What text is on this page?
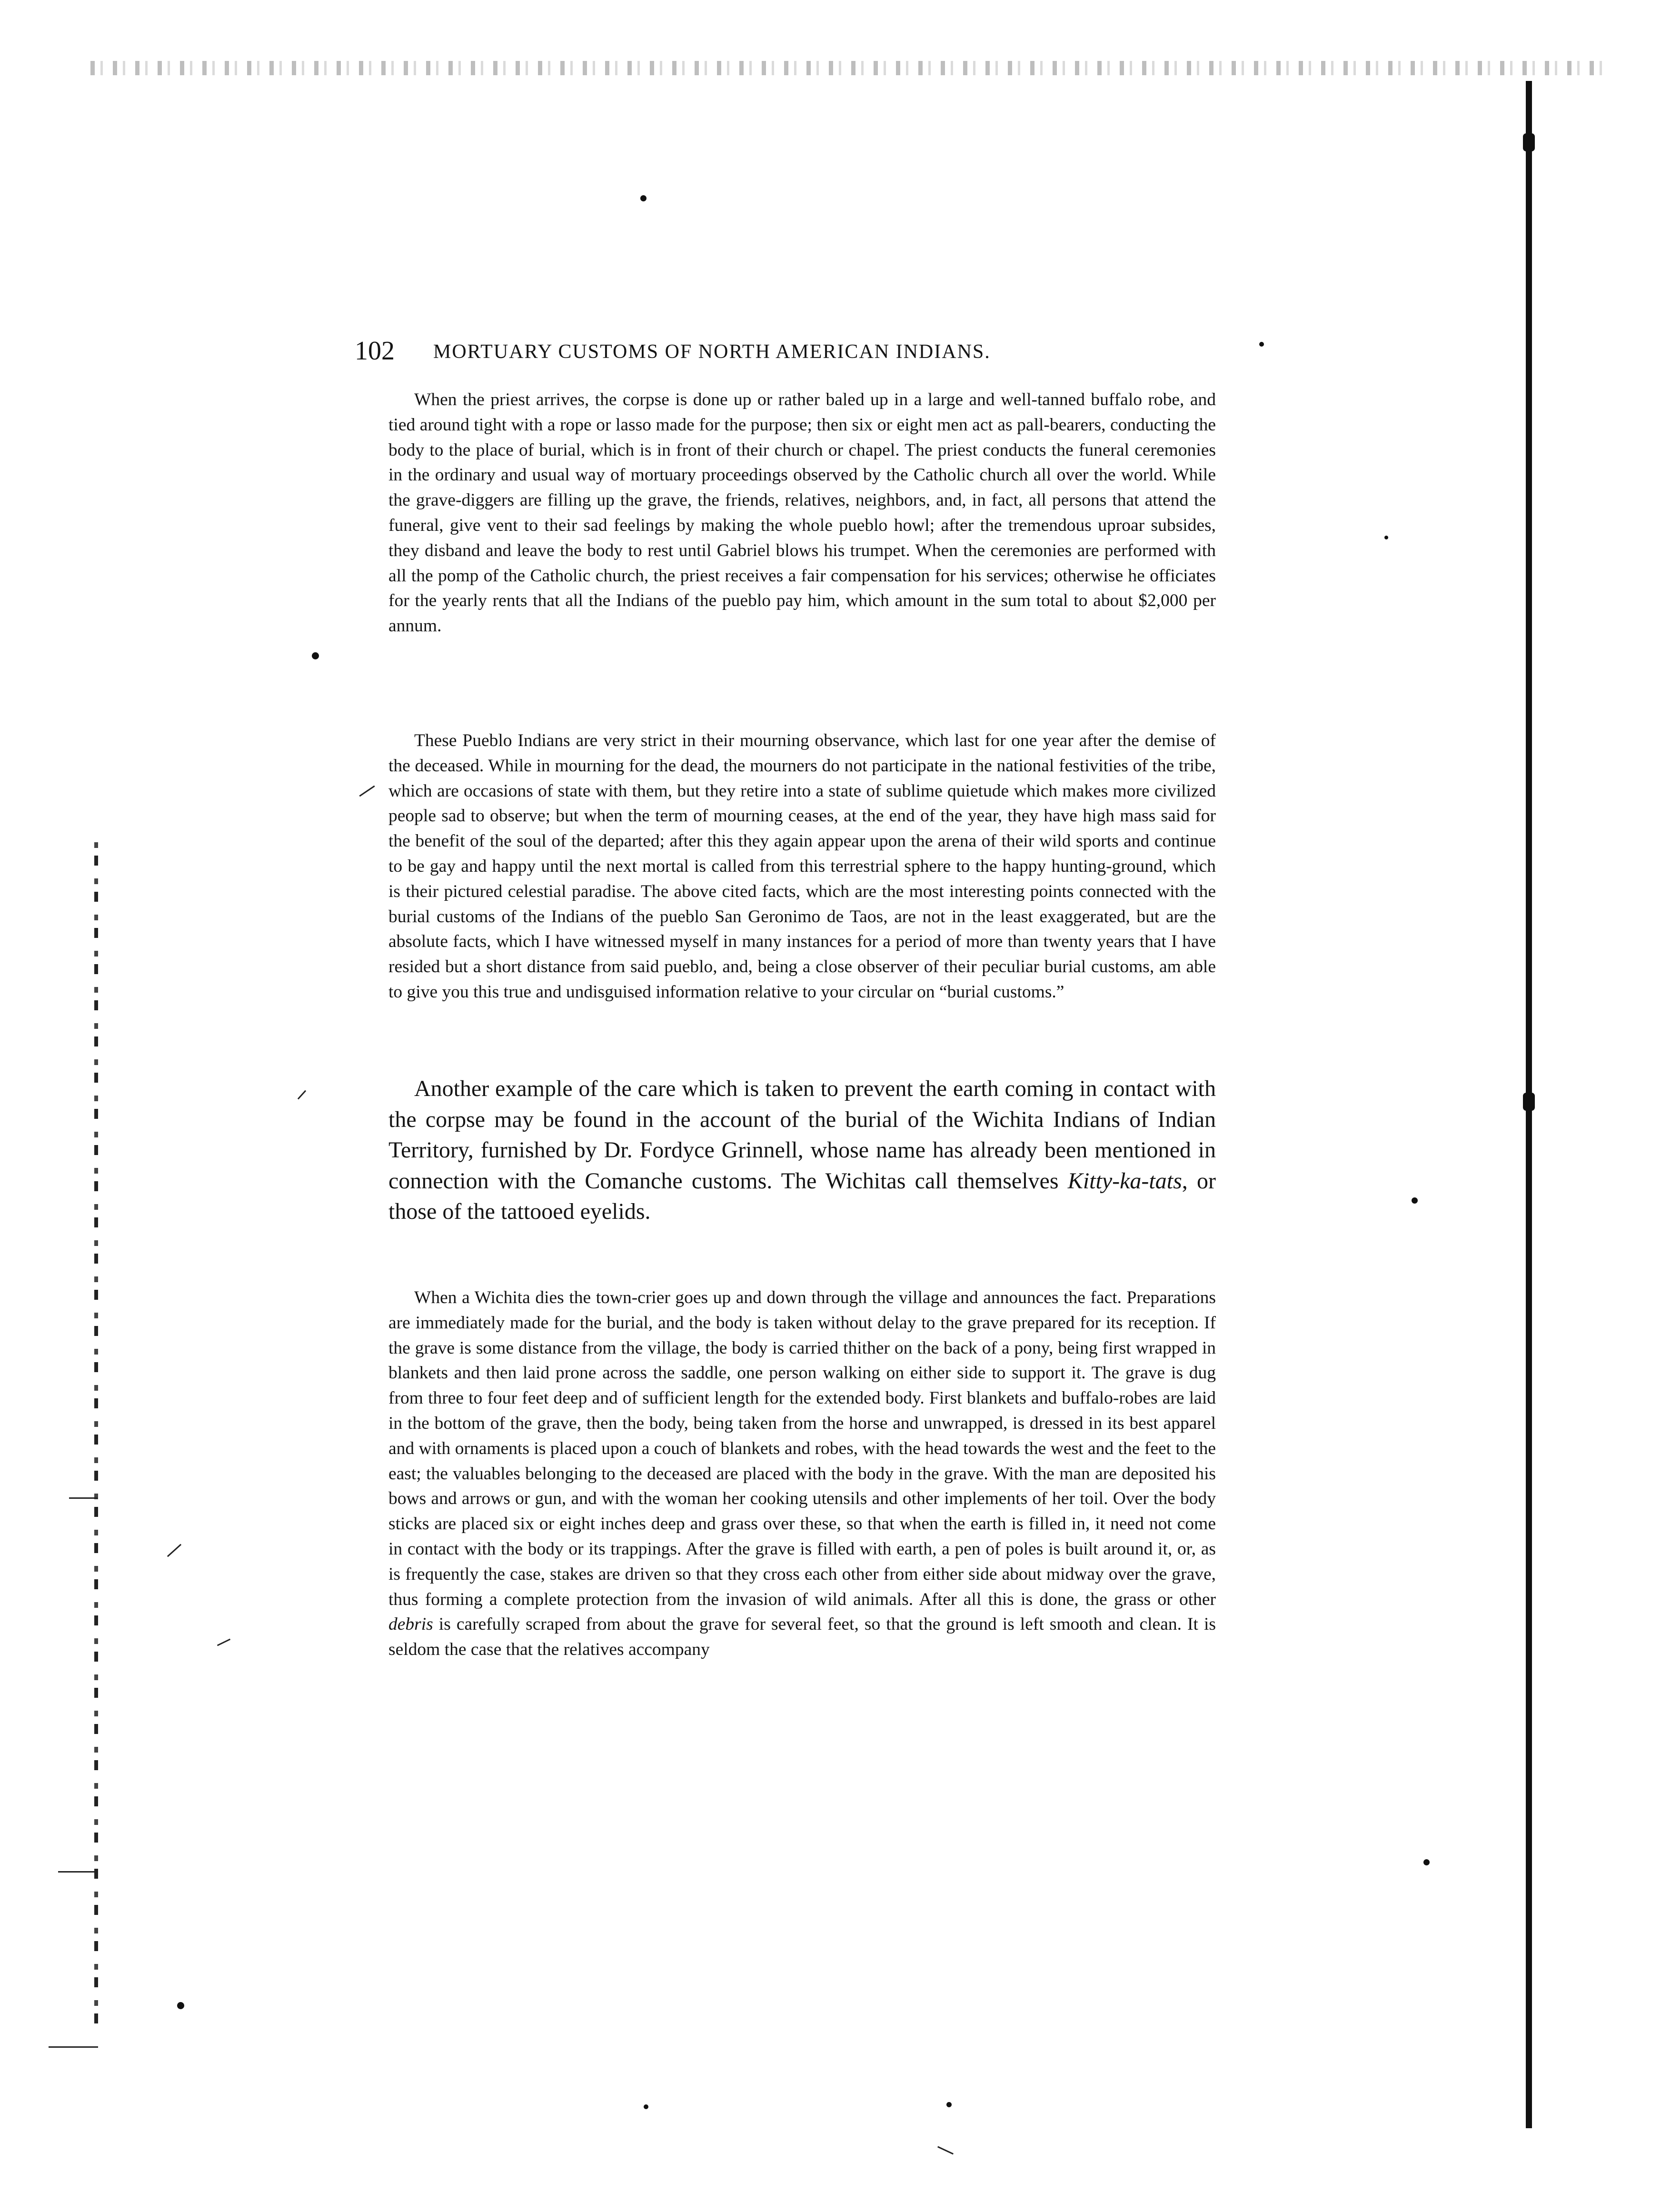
102 MORTUARY CUSTOMS OF NORTH AMERICAN INDIANS.

When the priest arrives, the corpse is done up or rather baled up in a large and well-tanned buffalo robe, and tied around tight with a rope or lasso made for the purpose; then six or eight men act as pall-bearers, conducting the body to the place of burial, which is in front of their church or chapel. The priest conducts the funeral ceremonies in the ordinary and usual way of mortuary proceedings observed by the Catholic church all over the world. While the grave-diggers are filling up the grave, the friends, relatives, neighbors, and, in fact, all persons that attend the funeral, give vent to their sad feelings by making the whole pueblo howl; after the tremendous uproar subsides, they disband and leave the body to rest until Gabriel blows his trumpet. When the ceremonies are performed with all the pomp of the Catholic church, the priest receives a fair compensation for his services; otherwise he officiates for the yearly rents that all the Indians of the pueblo pay him, which amount in the sum total to about $2,000 per annum.

These Pueblo Indians are very strict in their mourning observance, which last for one year after the demise of the deceased. While in mourning for the dead, the mourners do not participate in the national festivities of the tribe, which are occasions of state with them, but they retire into a state of sublime quietude which makes more civilized people sad to observe; but when the term of mourning ceases, at the end of the year, they have high mass said for the benefit of the soul of the departed; after this they again appear upon the arena of their wild sports and continue to be gay and happy until the next mortal is called from this terrestrial sphere to the happy hunting-ground, which is their pictured celestial paradise. The above cited facts, which are the most interesting points connected with the burial customs of the Indians of the pueblo San Geronimo de Taos, are not in the least exaggerated, but are the absolute facts, which I have witnessed myself in many instances for a period of more than twenty years that I have resided but a short distance from said pueblo, and, being a close observer of their peculiar burial customs, am able to give you this true and undisguised information relative to your circular on “burial customs.”

Another example of the care which is taken to prevent the earth coming in contact with the corpse may be found in the account of the burial of the Wichita Indians of Indian Territory, furnished by Dr. Fordyce Grinnell, whose name has already been mentioned in connection with the Comanche customs. The Wichitas call themselves Kitty-ka-tats, or those of the tattooed eyelids.

When a Wichita dies the town-crier goes up and down through the village and announces the fact. Preparations are immediately made for the burial, and the body is taken without delay to the grave prepared for its reception. If the grave is some distance from the village, the body is carried thither on the back of a pony, being first wrapped in blankets and then laid prone across the saddle, one person walking on either side to support it. The grave is dug from three to four feet deep and of sufficient length for the extended body. First blankets and buffalo-robes are laid in the bottom of the grave, then the body, being taken from the horse and unwrapped, is dressed in its best apparel and with ornaments is placed upon a couch of blankets and robes, with the head towards the west and the feet to the east; the valuables belonging to the deceased are placed with the body in the grave. With the man are deposited his bows and arrows or gun, and with the woman her cooking utensils and other implements of her toil. Over the body sticks are placed six or eight inches deep and grass over these, so that when the earth is filled in, it need not come in contact with the body or its trappings. After the grave is filled with earth, a pen of poles is built around it, or, as is frequently the case, stakes are driven so that they cross each other from either side about midway over the grave, thus forming a complete protection from the invasion of wild animals. After all this is done, the grass or other debris is carefully scraped from about the grave for several feet, so that the ground is left smooth and clean. It is seldom the case that the relatives accompany
